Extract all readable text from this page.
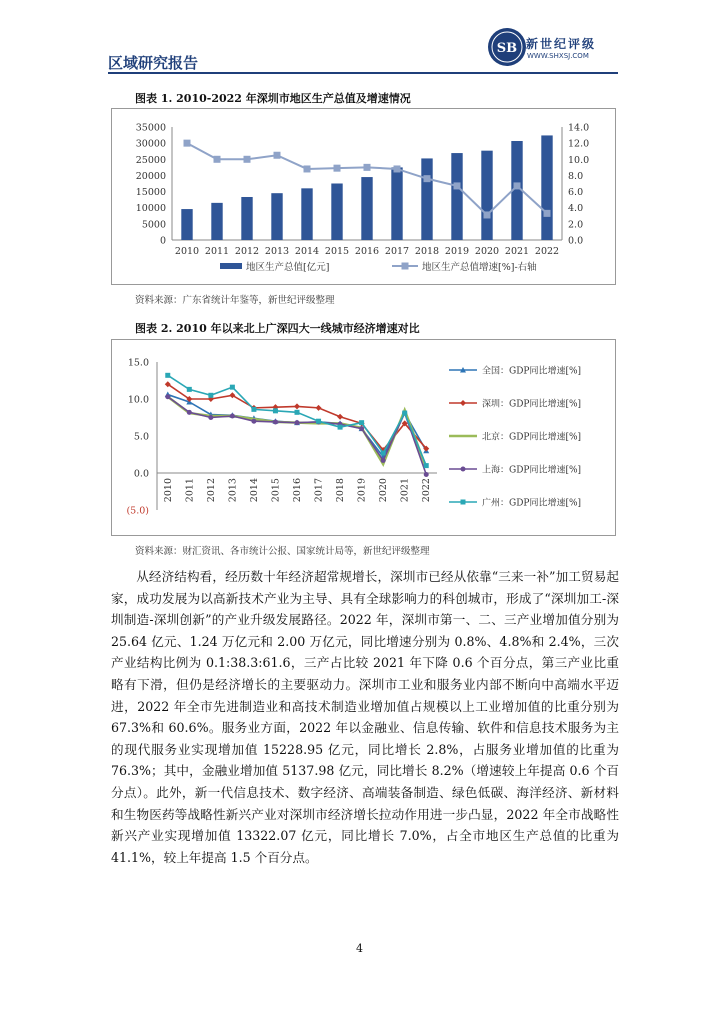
区域研究报告
SB 新世纪评级
WWW.SHXSJ.COM
图表 1. 2010-2022 年深圳市地区生产总值及增速情况
0
5000
10000
15000
20000
25000
30000
35000
0.0
2.0
4.0
6.0
8.0
10.0
12.0
14.0
2010 2011 2012 2013 2014 2015 2016 2017 2018 2019 2020 2021 2022
地区生产总值[亿元]	地区生产总值增速[%]-右轴
资料来源：广东省统计年鉴等，新世纪评级整理
图表 2. 2010 年以来北上广深四大一线城市经济增速对比
(5.0)
0.0
5.0
10.0
15.0
2010 2011 2012 2013 2014 2015 2016 2017 2018 2019 2020 2021 2022
全国：GDP同比增速[%]
深圳：GDP同比增速[%]
北京：GDP同比增速[%]
上海：GDP同比增速[%]
广州：GDP同比增速[%]
资料来源：财汇资讯、各市统计公报、国家统计局等，新世纪评级整理
从经济结构看，经历数十年经济超常规增长，深圳市已经从依靠“三来一补”加工贸易起家，成功发展为以高新技术产业为主导、具有全球影响力的科创城市，形成了“深圳加工-深圳制造-深圳创新”的产业升级发展路径。2022 年，深圳市第一、二、三产业增加值分别为 25.64 亿元、1.24 万亿元和 2.00 万亿元，同比增速分别为 0.8%、4.8%和 2.4%，三次产业结构比例为 0.1:38.3:61.6，三产占比较 2021 年下降 0.6 个百分点，第三产业比重略有下滑，但仍是经济增长的主要驱动力。深圳市工业和服务业内部不断向中高端水平迈进，2022 年全市先进制造业和高技术制造业增加值占规模以上工业增加值的比重分别为 67.3%和 60.6%。服务业方面，2022 年以金融业、信息传输、软件和信息技术服务为主的现代服务业实现增加值 15228.95 亿元，同比增长 2.8%，占服务业增加值的比重为 76.3%；其中，金融业增加值 5137.98 亿元，同比增长 8.2%（增速较上年提高 0.6 个百分点）。此外，新一代信息技术、数字经济、高端装备制造、绿色低碳、海洋经济、新材料和生物医药等战略性新兴产业对深圳市经济增长拉动作用进一步凸显，2022 年全市战略性新兴产业实现增加值 13322.07 亿元，同比增长 7.0%，占全市地区生产总值的比重为 41.1%，较上年提高 1.5 个百分点。
4
